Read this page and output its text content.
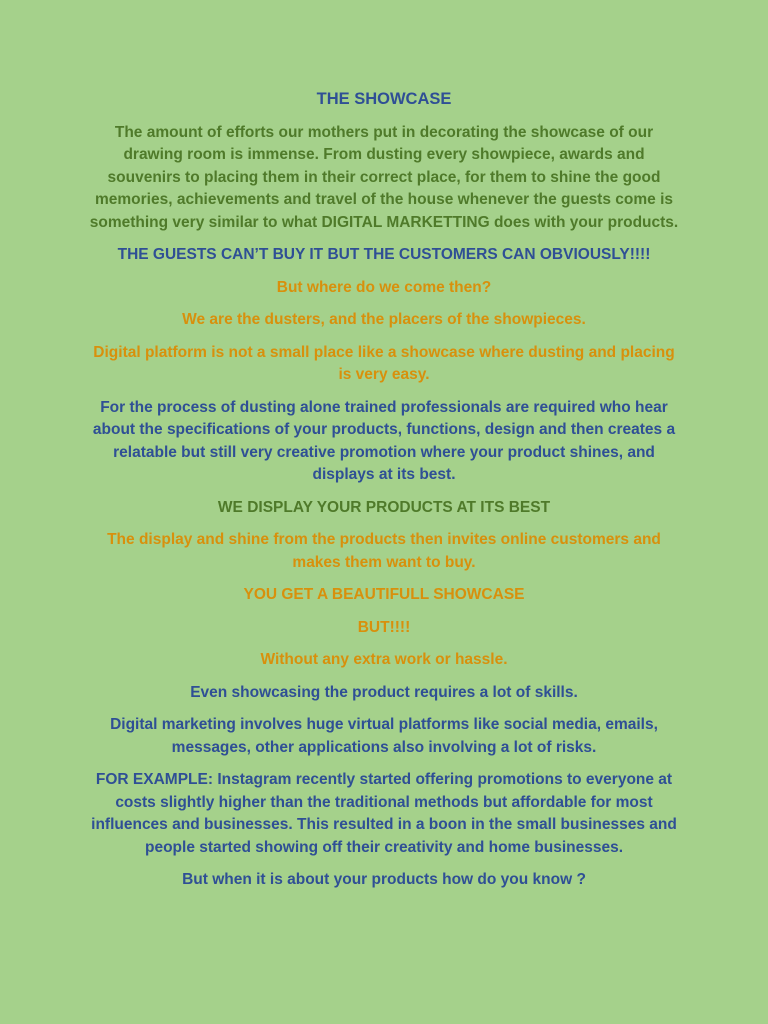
THE SHOWCASE

The amount of efforts our mothers put in decorating the showcase of our drawing room is immense. From dusting every showpiece, awards and souvenirs to placing them in their correct place, for them to shine the good memories, achievements and travel of the house whenever the guests come is something very similar to what DIGITAL MARKETTING does with your products.

THE GUESTS CAN’T BUY IT BUT THE CUSTOMERS CAN OBVIOUSLY!!!!

But where do we come then?

We are the dusters, and the placers of the showpieces.

Digital platform is not a small place like a showcase where dusting and placing is very easy.

For the process of dusting alone trained professionals are required who hear about the specifications of your products, functions, design and then creates a relatable but still very creative promotion where your product shines, and displays at its best.

WE DISPLAY YOUR PRODUCTS AT ITS BEST

The display and shine from the products then invites online customers and makes them want to buy.

YOU GET A BEAUTIFULL SHOWCASE

BUT!!!!

Without any extra work or hassle.

Even showcasing the product requires a lot of skills.

Digital marketing involves huge virtual platforms like social media, emails, messages, other applications also involving a lot of risks.

FOR EXAMPLE: Instagram recently started offering promotions to everyone at costs slightly higher than the traditional methods but affordable for most influences and businesses. This resulted in a boon in the small businesses and people started showing off their creativity and home businesses.

But when it is about your products how do you know ?
